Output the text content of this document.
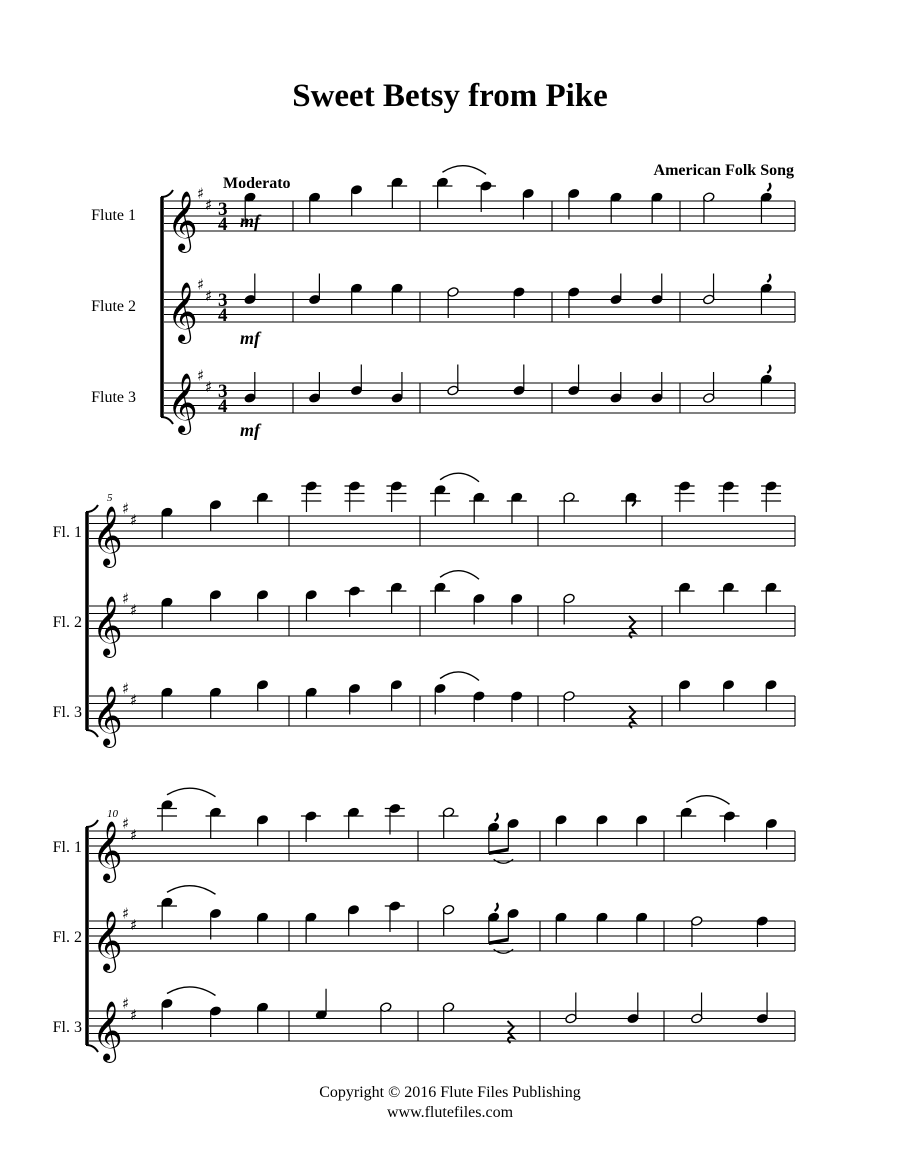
Sweet Betsy from Pike
American Folk Song
Moderato
Flute 1
Flute 2
Flute 3
Fl. 1
Fl. 2
Fl. 3
Fl. 1
Fl. 2
Fl. 3
5
10
mf
mf
mf
𝄞 ♯
♯ 3
4
𝄞 ♯
♯ 3
4
𝄞 ♯
♯ 3
4
𝄞 ♯
♯
𝄞 ♯
♯
𝄞 ♯
♯
𝄞 ♯
♯
𝄞 ♯
♯
𝄞 ♯
♯
Copyright © 2016 Flute Files Publishing
www.flutefiles.com
